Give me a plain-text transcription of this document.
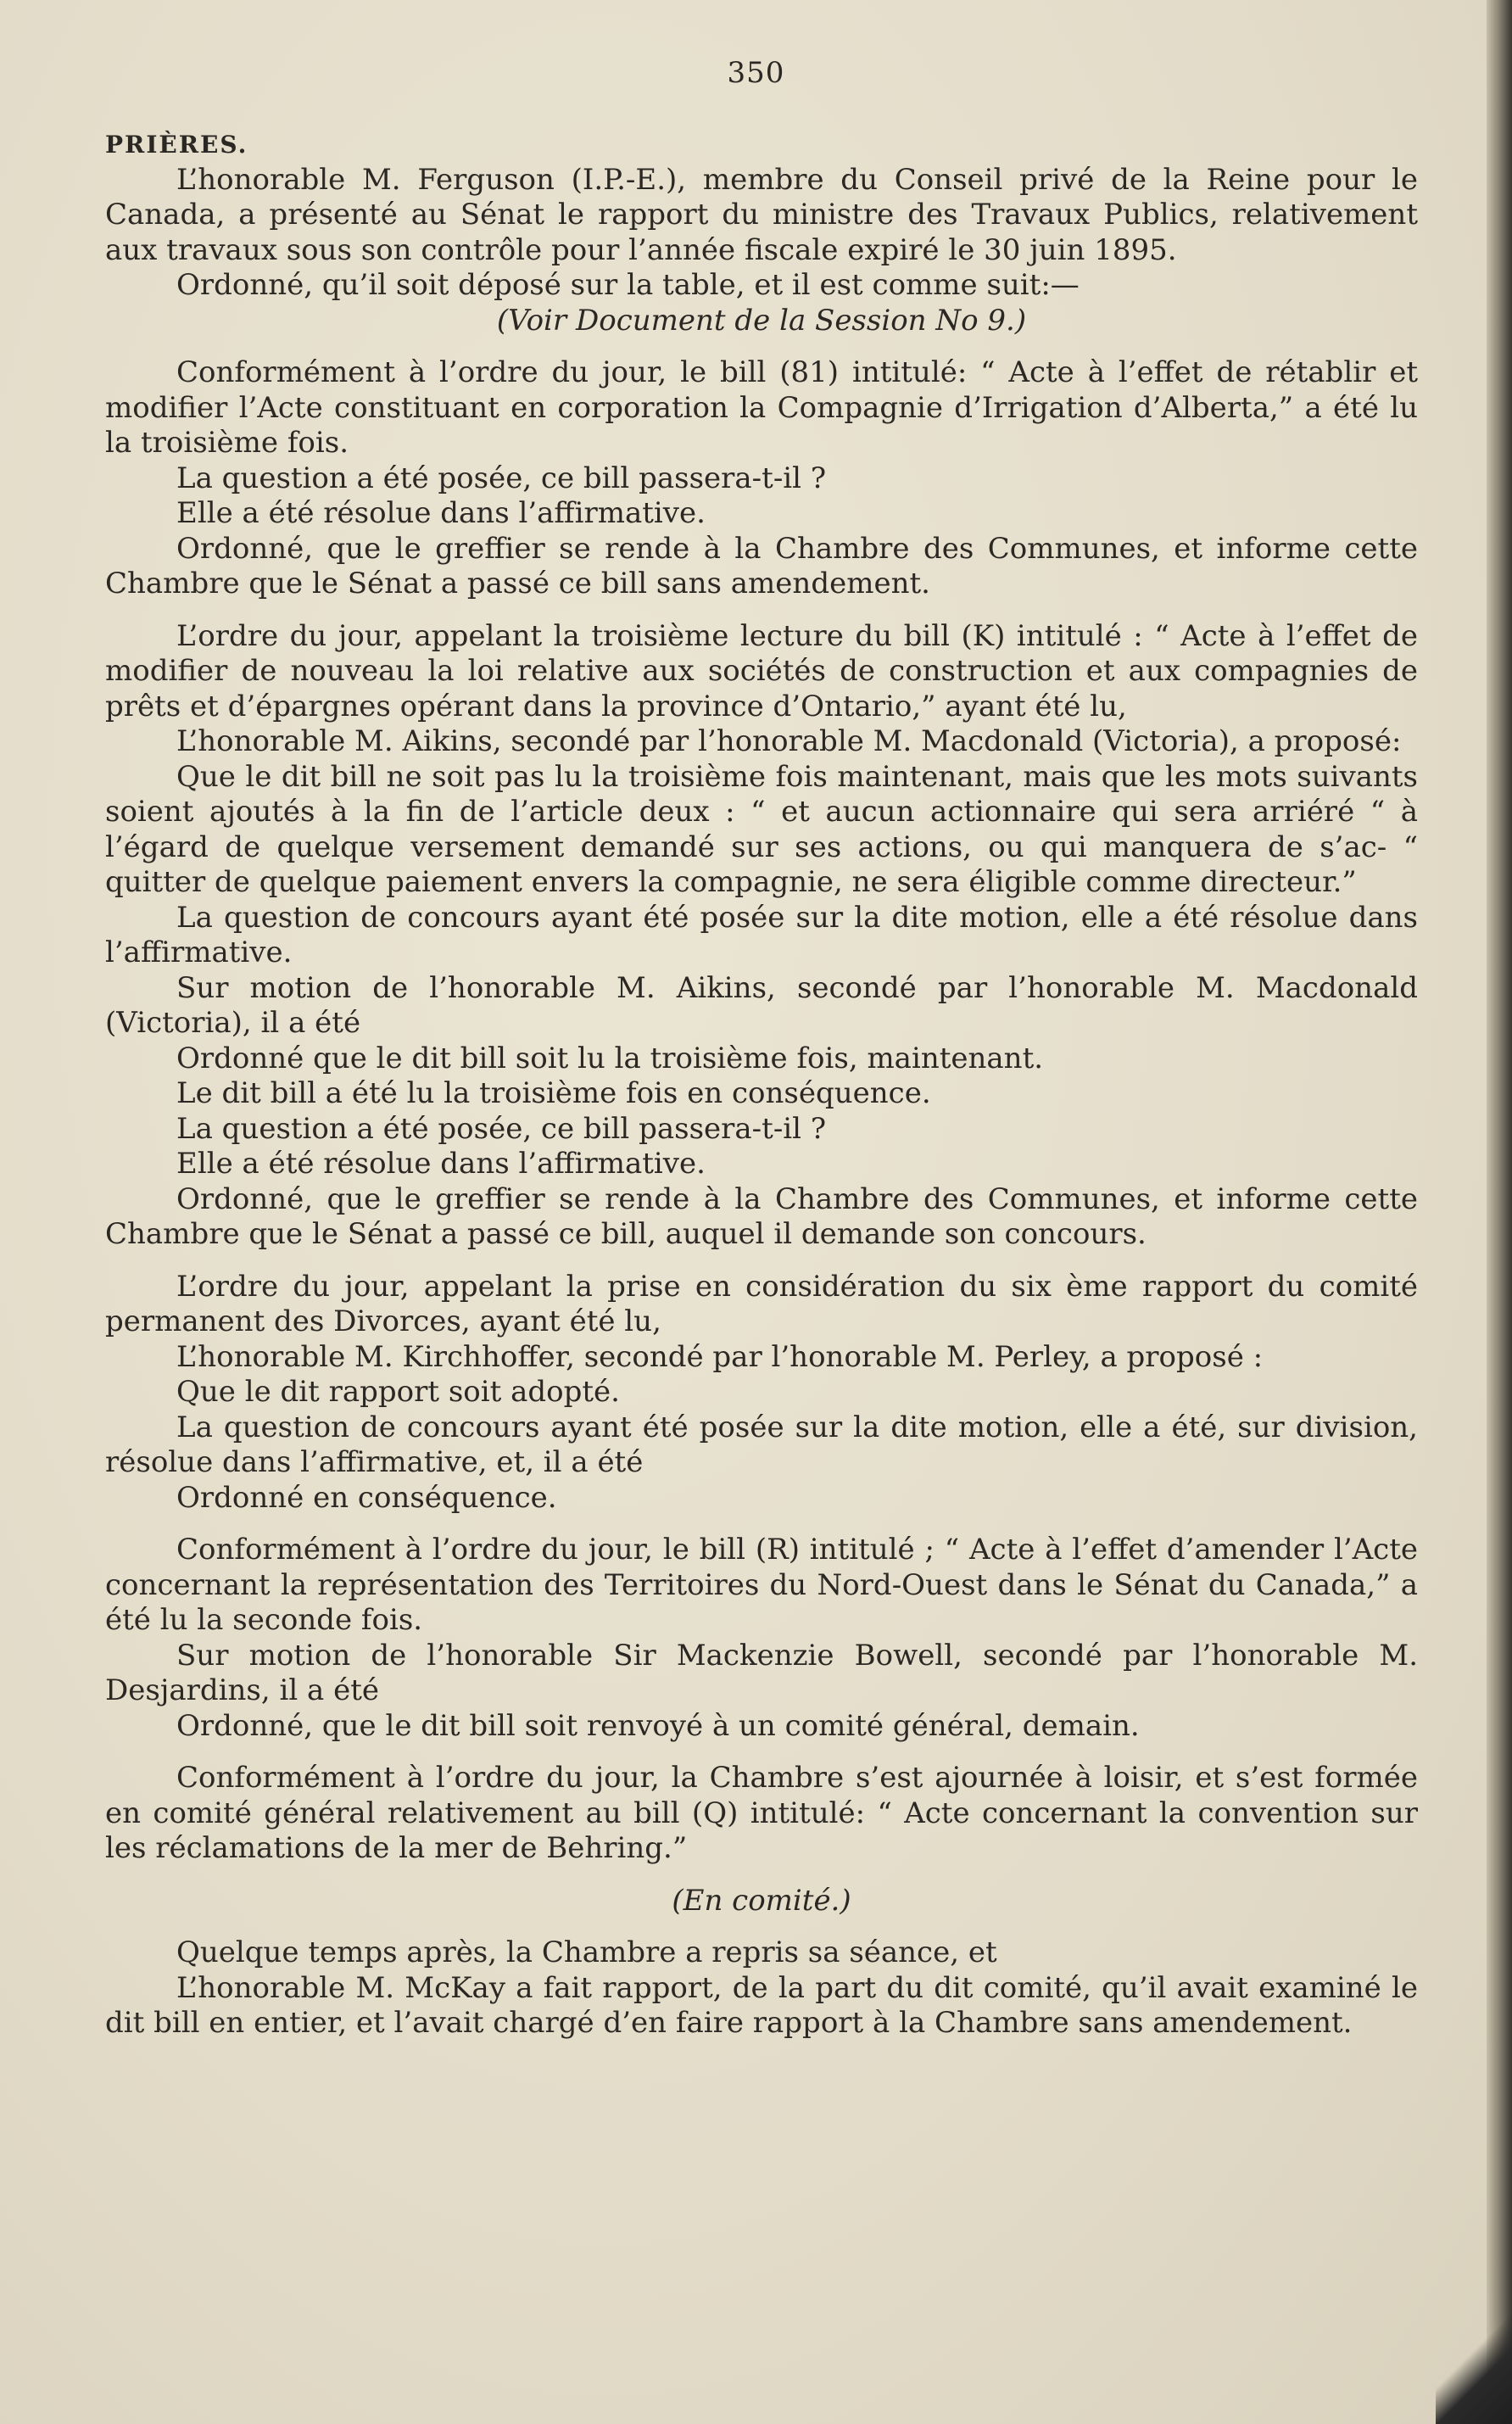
350

PRIÈRES.

L’honorable M. Ferguson (I.P.-E.), membre du Conseil privé de la Reine pour le Canada, a présenté au Sénat le rapport du ministre des Travaux Publics, relativement aux travaux sous son contrôle pour l’année fiscale expiré le 30 juin 1895.

Ordonné, qu’il soit déposé sur la table, et il est comme suit:—

(Voir Document de la Session No 9.)

Conformément à l’ordre du jour, le bill (81) intitulé: “ Acte à l’effet de rétablir et modifier l’Acte constituant en corporation la Compagnie d’Irrigation d’Alberta,” a été lu la troisième fois.

La question a été posée, ce bill passera-t-il ?

Elle a été résolue dans l’affirmative.

Ordonné, que le greffier se rende à la Chambre des Communes, et informe cette Chambre que le Sénat a passé ce bill sans amendement.

L’ordre du jour, appelant la troisième lecture du bill (K) intitulé : “ Acte à l’effet de modifier de nouveau la loi relative aux sociétés de construction et aux compagnies de prêts et d’épargnes opérant dans la province d’Ontario,” ayant été lu,

L’honorable M. Aikins, secondé par l’honorable M. Macdonald (Victoria), a proposé:

Que le dit bill ne soit pas lu la troisième fois maintenant, mais que les mots suivants soient ajoutés à la fin de l’article deux : “ et aucun actionnaire qui sera arriéré “ à l’égard de quelque versement demandé sur ses actions, ou qui manquera de s’ac- “ quitter de quelque paiement envers la compagnie, ne sera éligible comme directeur.”

La question de concours ayant été posée sur la dite motion, elle a été résolue dans l’affirmative.

Sur motion de l’honorable M. Aikins, secondé par l’honorable M. Macdonald (Victoria), il a été

Ordonné que le dit bill soit lu la troisième fois, maintenant.

Le dit bill a été lu la troisième fois en conséquence.

La question a été posée, ce bill passera-t-il ?

Elle a été résolue dans l’affirmative.

Ordonné, que le greffier se rende à la Chambre des Communes, et informe cette Chambre que le Sénat a passé ce bill, auquel il demande son concours.

L’ordre du jour, appelant la prise en considération du six ème rapport du comité permanent des Divorces, ayant été lu,

L’honorable M. Kirchhoffer, secondé par l’honorable M. Perley, a proposé :

Que le dit rapport soit adopté.

La question de concours ayant été posée sur la dite motion, elle a été, sur division, résolue dans l’affirmative, et, il a été

Ordonné en conséquence.

Conformément à l’ordre du jour, le bill (R) intitulé ; “ Acte à l’effet d’amender l’Acte concernant la représentation des Territoires du Nord-Ouest dans le Sénat du Canada,” a été lu la seconde fois.

Sur motion de l’honorable Sir Mackenzie Bowell, secondé par l’honorable M. Desjardins, il a été

Ordonné, que le dit bill soit renvoyé à un comité général, demain.

Conformément à l’ordre du jour, la Chambre s’est ajournée à loisir, et s’est formée en comité général relativement au bill (Q) intitulé: “ Acte concernant la convention sur les réclamations de la mer de Behring.”

(En comité.)

Quelque temps après, la Chambre a repris sa séance, et

L’honorable M. McKay a fait rapport, de la part du dit comité, qu’il avait examiné le dit bill en entier, et l’avait chargé d’en faire rapport à la Chambre sans amendement.
